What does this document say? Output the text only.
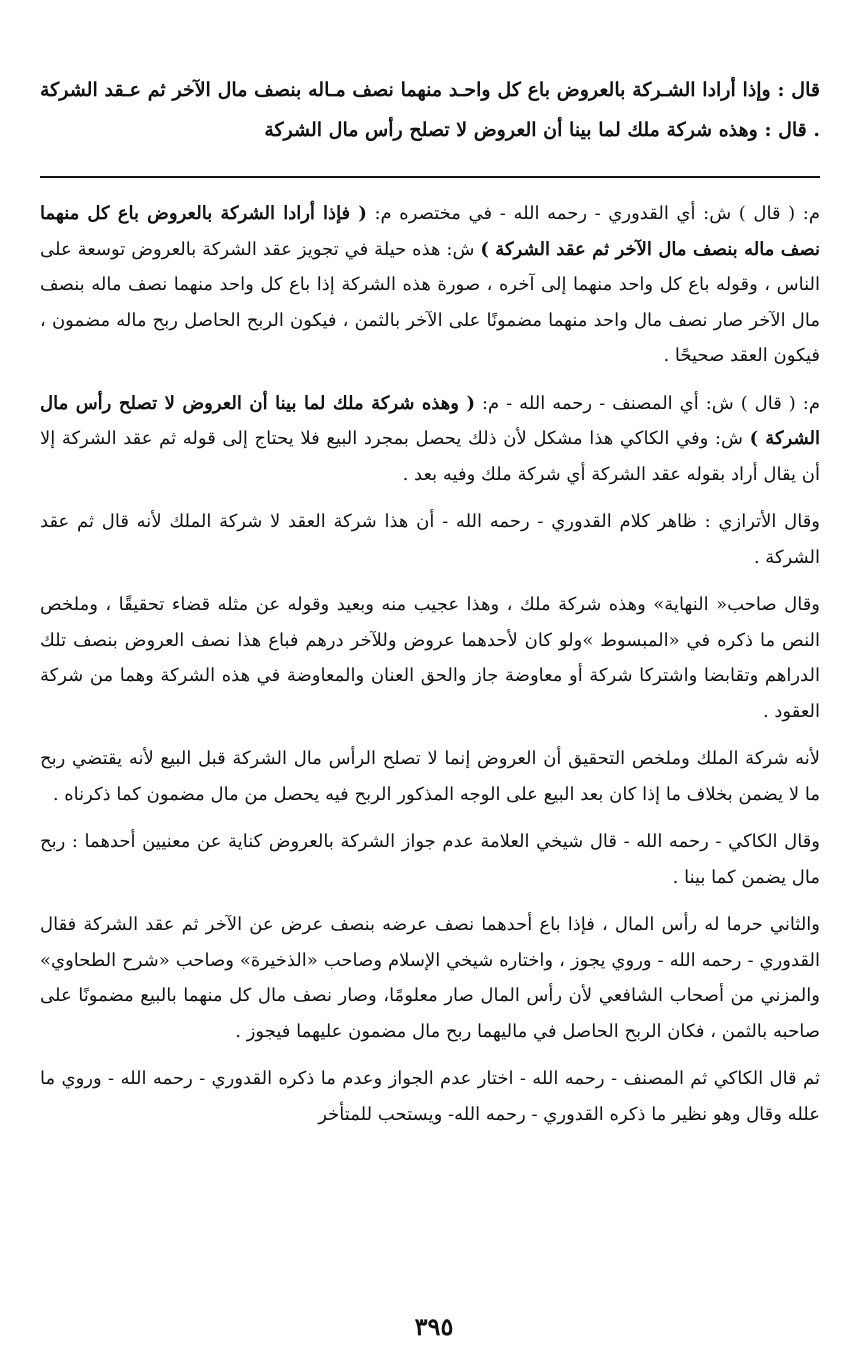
قال : وإذا أرادا الشـركة بالعروض باع كل واحـد منهما نصف مـاله بنصف مال الآخر ثم عـقد الشركة . قال : وهذه شركة ملك لما بينا أن العروض لا تصلح رأس مال الشركة

م: ( قال ) ش: أي القدوري - رحمه الله - في مختصره م: ( فإذا أرادا الشركة بالعروض باع كل منهما نصف ماله بنصف مال الآخر ثم عقد الشركة ) ش: هذه حيلة في تجويز عقد الشركة بالعروض توسعة على الناس ، وقوله باع كل واحد منهما إلى آخره ، صورة هذه الشركة إذا باع كل واحد منهما نصف ماله بنصف مال الآخر صار نصف مال واحد منهما مضمونًا على الآخر بالثمن ، فيكون الربح الحاصل ربح ماله مضمون ، فيكون العقد صحيحًا .

م: ( قال ) ش: أي المصنف - رحمه الله - م: ( وهذه شركة ملك لما بينا أن العروض لا تصلح رأس مال الشركة ) ش: وفي الكاكي هذا مشكل لأن ذلك يحصل بمجرد البيع فلا يحتاج إلى قوله ثم عقد الشركة إلا أن يقال أراد بقوله عقد الشركة أي شركة ملك وفيه بعد .

وقال الأترازي : ظاهر كلام القدوري - رحمه الله - أن هذا شركة العقد لا شركة الملك لأنه قال ثم عقد الشركة .

وقال صاحب« النهاية» وهذه شركة ملك ، وهذا عجيب منه وبعيد وقوله عن مثله قضاء تحقيقًا ، وملخص النص ما ذكره في «المبسوط »ولو كان لأحدهما عروض وللآخر درهم فباع هذا نصف العروض بنصف تلك الدراهم وتقابضا واشتركا شركة أو معاوضة جاز والحق العنان والمعاوضة في هذه الشركة وهما من شركة العقود .

لأنه شركة الملك وملخص التحقيق أن العروض إنما لا تصلح الرأس مال الشركة قبل البيع لأنه يقتضي ربح ما لا يضمن بخلاف ما إذا كان بعد البيع على الوجه المذكور الربح فيه يحصل من مال مضمون كما ذكرناه .

وقال الكاكي - رحمه الله - قال شيخي العلامة عدم جواز الشركة بالعروض كناية عن معنيين أحدهما : ربح مال يضمن كما بينا .

والثاني حرما له رأس المال ، فإذا باع أحدهما نصف عرضه بنصف عرض عن الآخر ثم عقد الشركة فقال القدوري - رحمه الله - وروي يجوز ، واختاره شيخي الإسلام وصاحب «الذخيرة» وصاحب «شرح الطحاوي» والمزني من أصحاب الشافعي لأن رأس المال صار معلومًا، وصار نصف مال كل منهما بالبيع مضمونًا على صاحبه بالثمن ، فكان الربح الحاصل في ماليهما ربح مال مضمون عليهما فيجوز .

ثم قال الكاكي ثم المصنف - رحمه الله - اختار عدم الجواز وعدم ما ذكره القدوري - رحمه الله - وروي ما علله وقال وهو نظير ما ذكره القدوري - رحمه الله- ويستحب للمتأخر

٣٩٥
